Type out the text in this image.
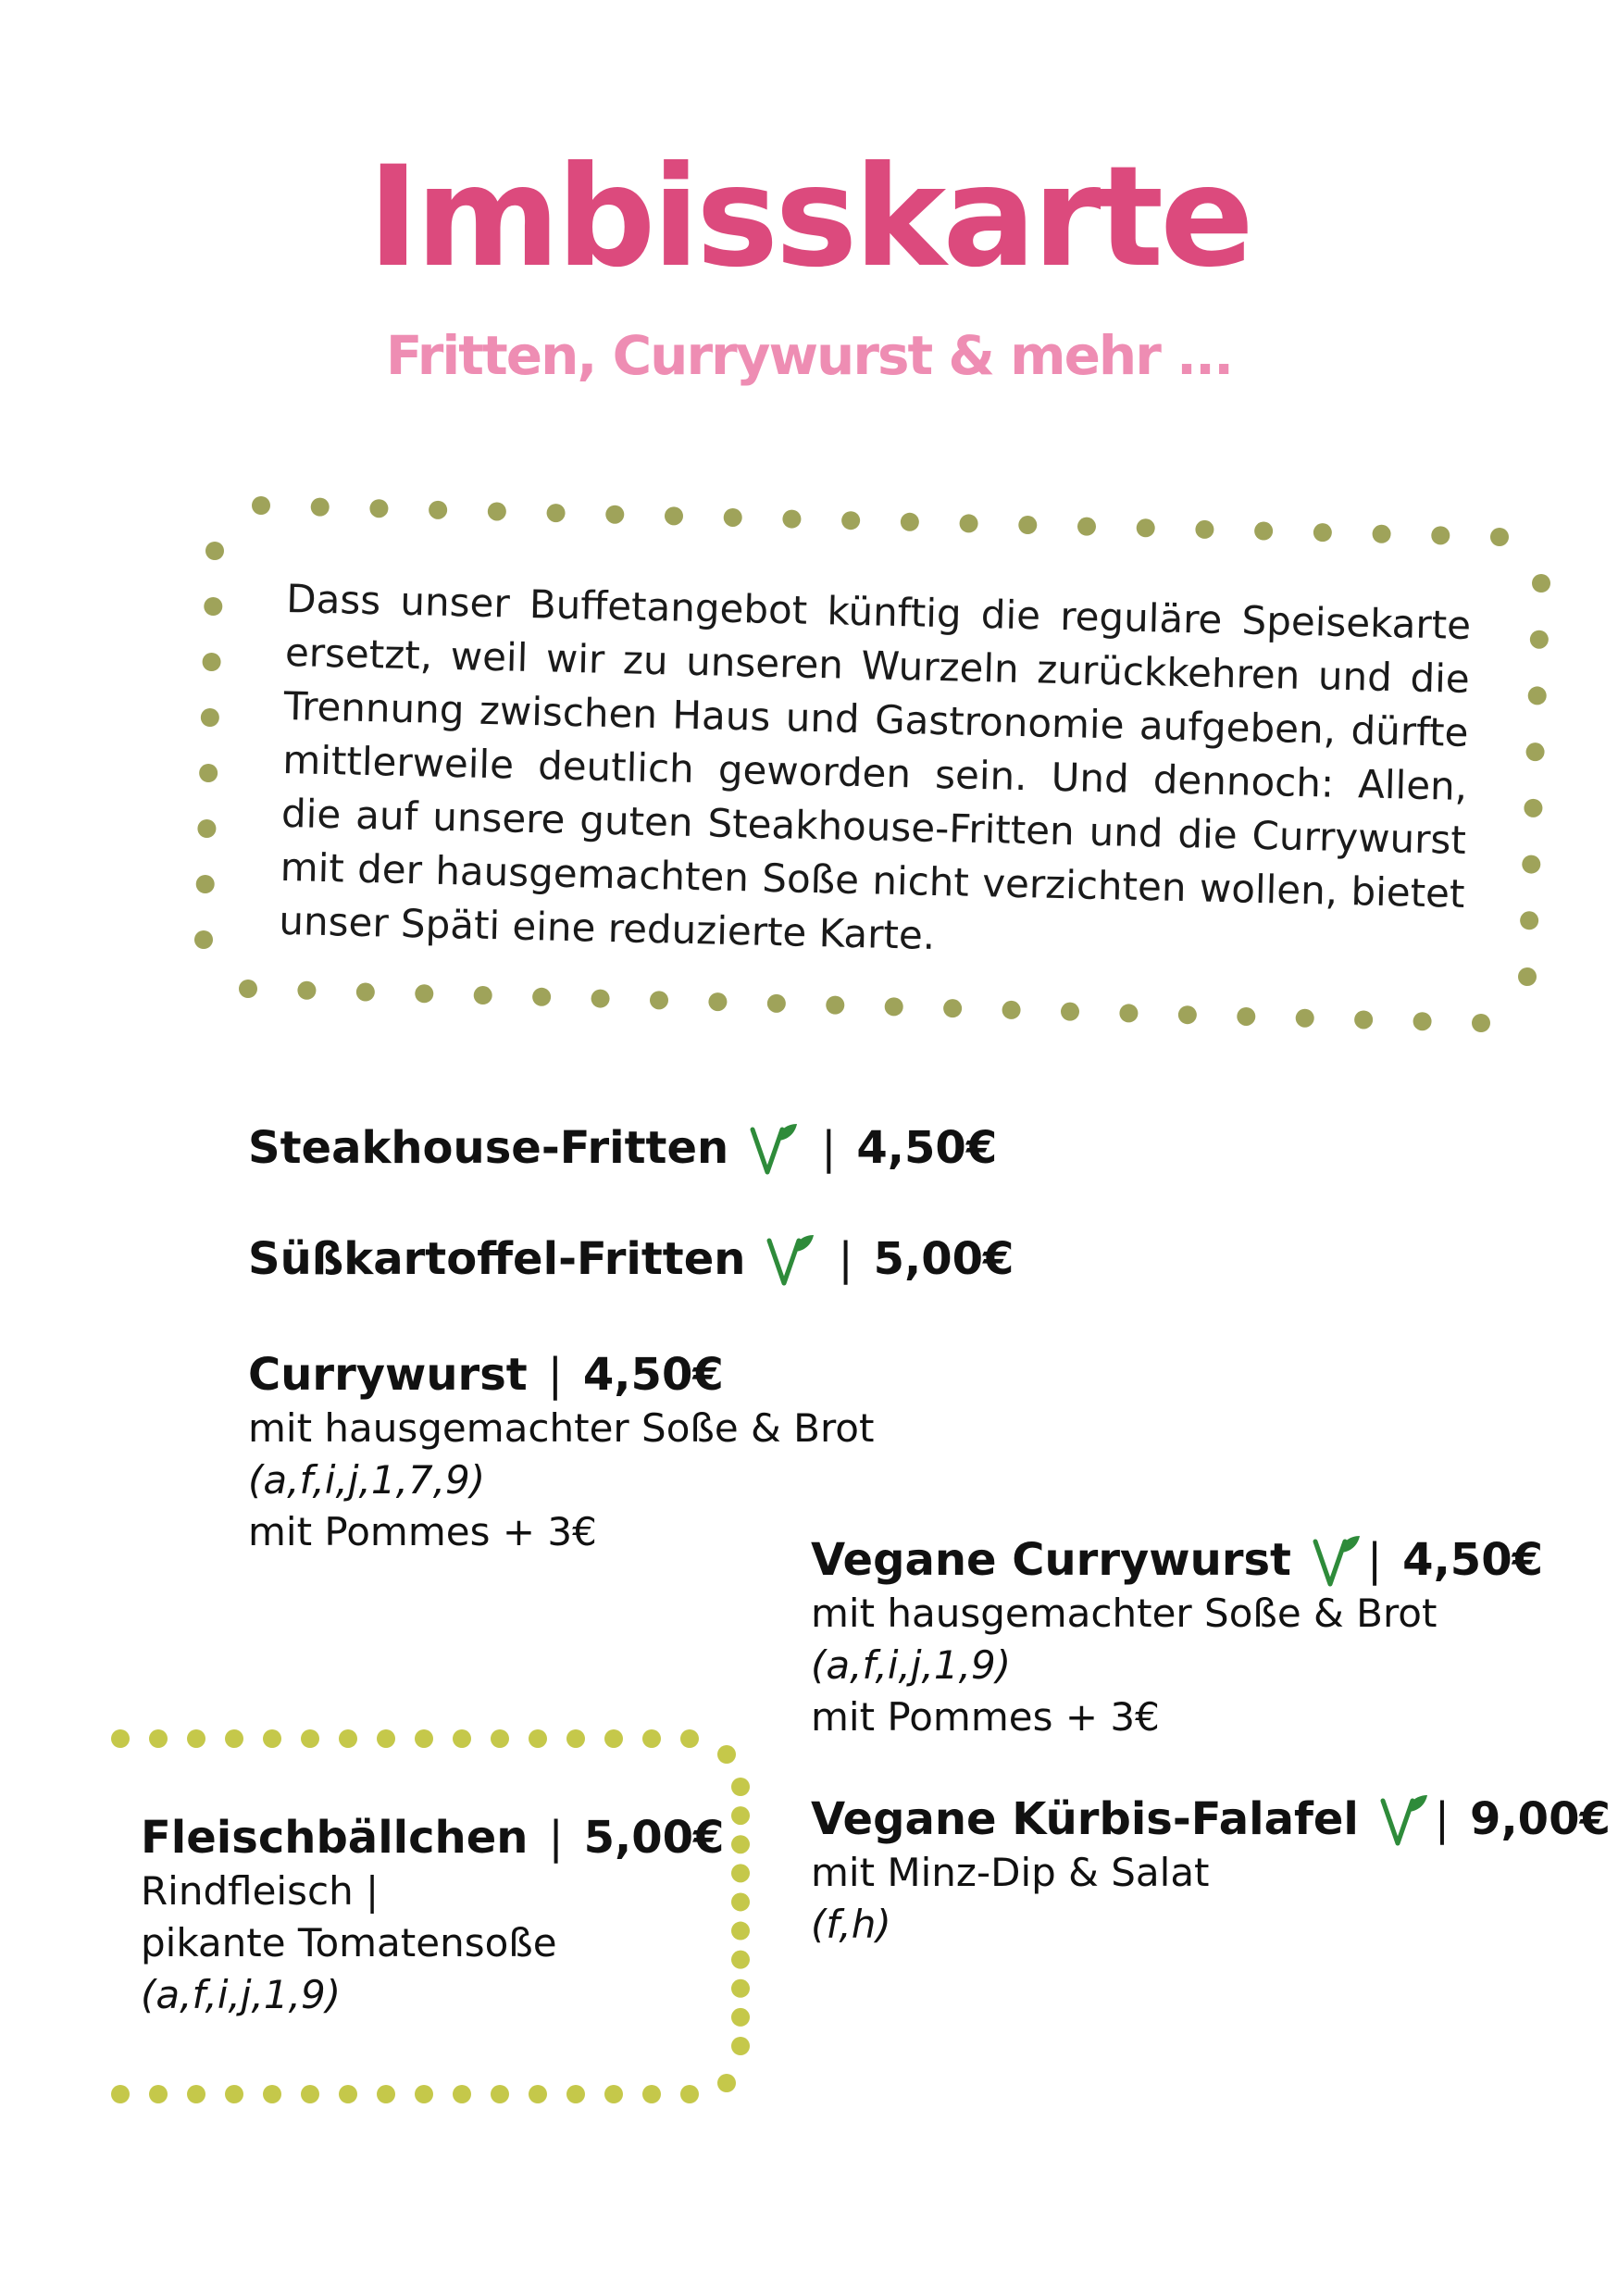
Imbisskarte
Fritten, Currywurst & mehr ...
Dass unser Buffetangebot künftig die reguläre Speisekarte ersetzt, weil wir zu unseren Wurzeln zurückkehren und die Trennung zwischen Haus und Gastronomie aufgeben, dürfte mittlerweile deutlich geworden sein. Und dennoch: Allen, die auf unsere guten Steakhouse-Fritten und die Currywurst mit der hausgemachten Soße nicht verzichten wollen, bietet unser Späti eine reduzierte Karte.
Steakhouse-Fritten | 4,50€
Süßkartoffel-Fritten | 5,00€
Currywurst | 4,50€
mit hausgemachter Soße & Brot
(a,f,i,j,1,7,9)
mit Pommes + 3€
Vegane Currywurst | 4,50€
mit hausgemachter Soße & Brot
(a,f,i,j,1,9)
mit Pommes + 3€
Vegane Kürbis-Falafel | 9,00€
mit Minz-Dip & Salat
(f,h)
Fleischbällchen | 5,00€
Rindfleisch |
pikante Tomatensoße
(a,f,i,j,1,9)
